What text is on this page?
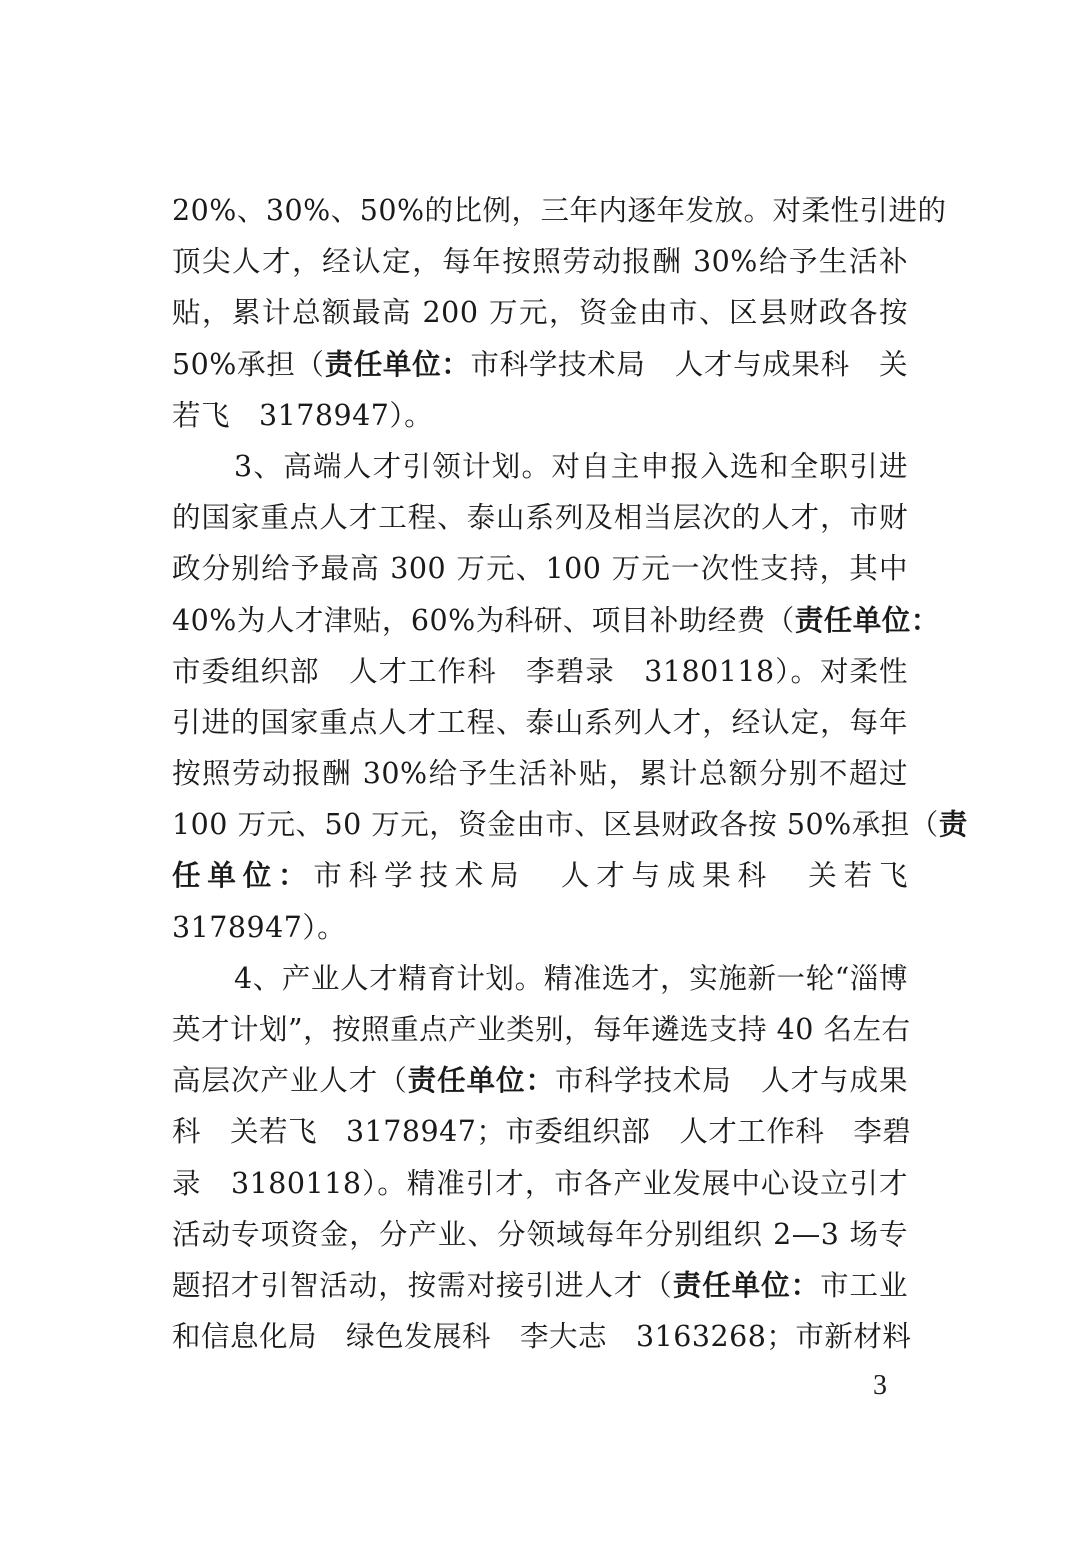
20%、30%、50%的比例，三年内逐年发放。对柔性引进的
顶尖人才，经认定，每年按照劳动报酬 30%给予生活补
贴，累计总额最高 200 万元，资金由市、区县财政各按
50%承担（责任单位：市科学技术局　人才与成果科　关
若飞　3178947）。
3、高端人才引领计划。对自主申报入选和全职引进
的国家重点人才工程、泰山系列及相当层次的人才，市财
政分别给予最高 300 万元、100 万元一次性支持，其中
40%为人才津贴，60%为科研、项目补助经费（责任单位：
市委组织部　人才工作科　李碧录　3180118）。对柔性
引进的国家重点人才工程、泰山系列人才，经认定，每年
按照劳动报酬 30%给予生活补贴，累计总额分别不超过
100 万元、50 万元，资金由市、区县财政各按 50%承担（责
任单位：市科学技术局　人才与成果科　关若飞
3178947）。
4、产业人才精育计划。精准选才，实施新一轮“淄博
英才计划”，按照重点产业类别，每年遴选支持 40 名左右
高层次产业人才（责任单位：市科学技术局　人才与成果
科　关若飞　3178947；市委组织部　人才工作科　李碧
录　3180118）。精准引才，市各产业发展中心设立引才
活动专项资金，分产业、分领域每年分别组织 2—3 场专
题招才引智活动，按需对接引进人才（责任单位：市工业
和信息化局　绿色发展科　李大志　3163268；市新材料
3
